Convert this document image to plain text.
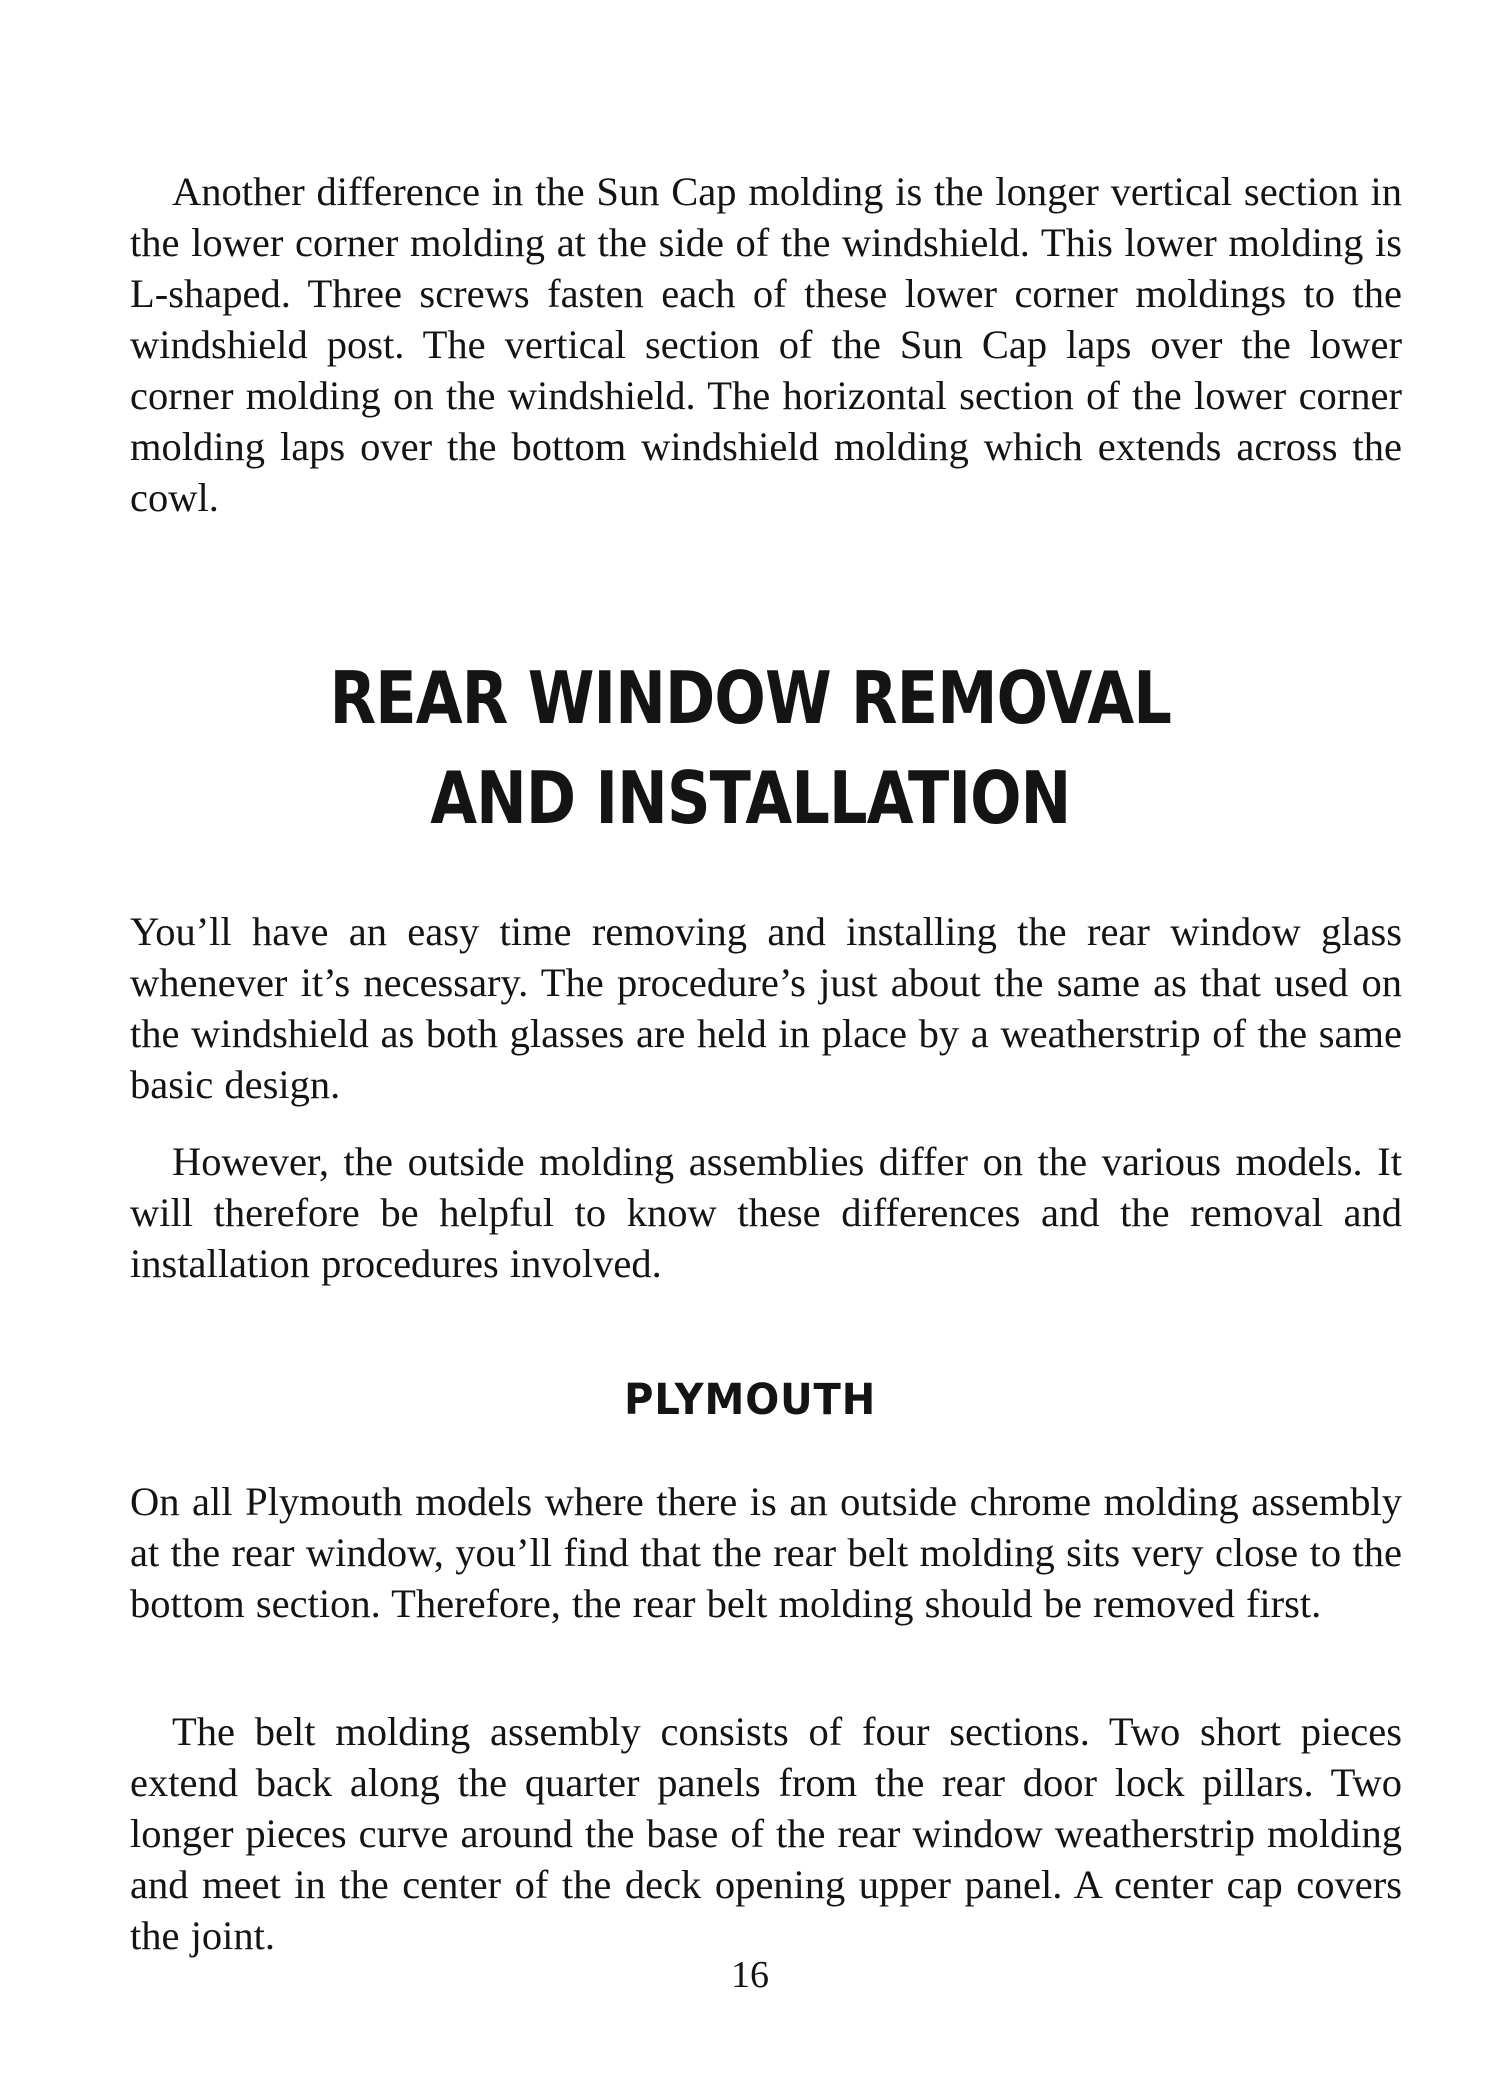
Another difference in the Sun Cap molding is the longer vertical section in the lower corner molding at the side of the windshield. This lower molding is L-shaped. Three screws fasten each of these lower corner moldings to the windshield post. The vertical section of the Sun Cap laps over the lower corner molding on the windshield. The horizontal section of the lower corner molding laps over the bottom windshield molding which extends across the cowl.

REAR WINDOW REMOVAL
AND INSTALLATION

You’ll have an easy time removing and installing the rear window glass whenever it’s necessary. The procedure’s just about the same as that used on the windshield as both glasses are held in place by a weatherstrip of the same basic design.

However, the outside molding assemblies differ on the various models. It will therefore be helpful to know these differences and the removal and installation procedures involved.

PLYMOUTH

On all Plymouth models where there is an outside chrome molding assembly at the rear window, you’ll find that the rear belt molding sits very close to the bottom section. Therefore, the rear belt molding should be removed first.

The belt molding assembly consists of four sections. Two short pieces extend back along the quarter panels from the rear door lock pillars. Two longer pieces curve around the base of the rear window weatherstrip molding and meet in the center of the deck opening upper panel. A center cap covers the joint.

16
